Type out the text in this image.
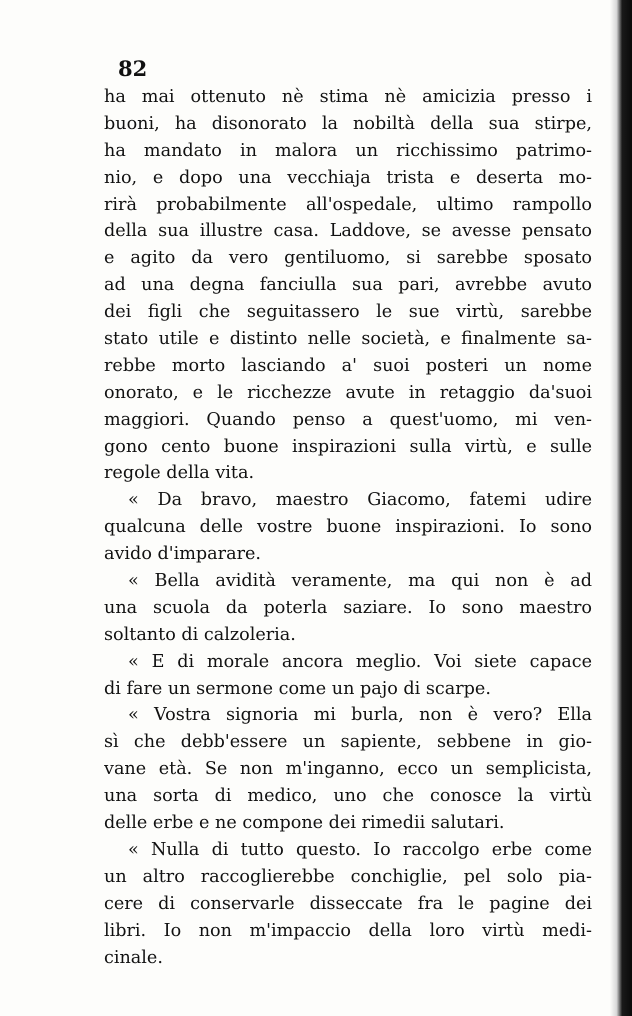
82
ha mai ottenuto nè stima nè amicizia presso i
buoni, ha disonorato la nobiltà della sua stirpe,
ha mandato in malora un ricchissimo patrimo-
nio, e dopo una vecchiaja trista e deserta mo-
rirà probabilmente all'ospedale, ultimo rampollo
della sua illustre casa. Laddove, se avesse pensato
e agito da vero gentiluomo, si sarebbe sposato
ad una degna fanciulla sua pari, avrebbe avuto
dei figli che seguitassero le sue virtù, sarebbe
stato utile e distinto nelle società, e finalmente sa-
rebbe morto lasciando a' suoi posteri un nome
onorato, e le ricchezze avute in retaggio da'suoi
maggiori. Quando penso a quest'uomo, mi ven-
gono cento buone inspirazioni sulla virtù, e sulle
regole della vita.
« Da bravo, maestro Giacomo, fatemi udire
qualcuna delle vostre buone inspirazioni. Io sono
avido d'imparare.
« Bella avidità veramente, ma qui non è ad
una scuola da poterla saziare. Io sono maestro
soltanto di calzoleria.
« E di morale ancora meglio. Voi siete capace
di fare un sermone come un pajo di scarpe.
« Vostra signoria mi burla, non è vero? Ella
sì che debb'essere un sapiente, sebbene in gio-
vane età. Se non m'inganno, ecco un semplicista,
una sorta di medico, uno che conosce la virtù
delle erbe e ne compone dei rimedii salutari.
« Nulla di tutto questo. Io raccolgo erbe come
un altro raccoglierebbe conchiglie, pel solo pia-
cere di conservarle disseccate fra le pagine dei
libri. Io non m'impaccio della loro virtù medi-
cinale.
